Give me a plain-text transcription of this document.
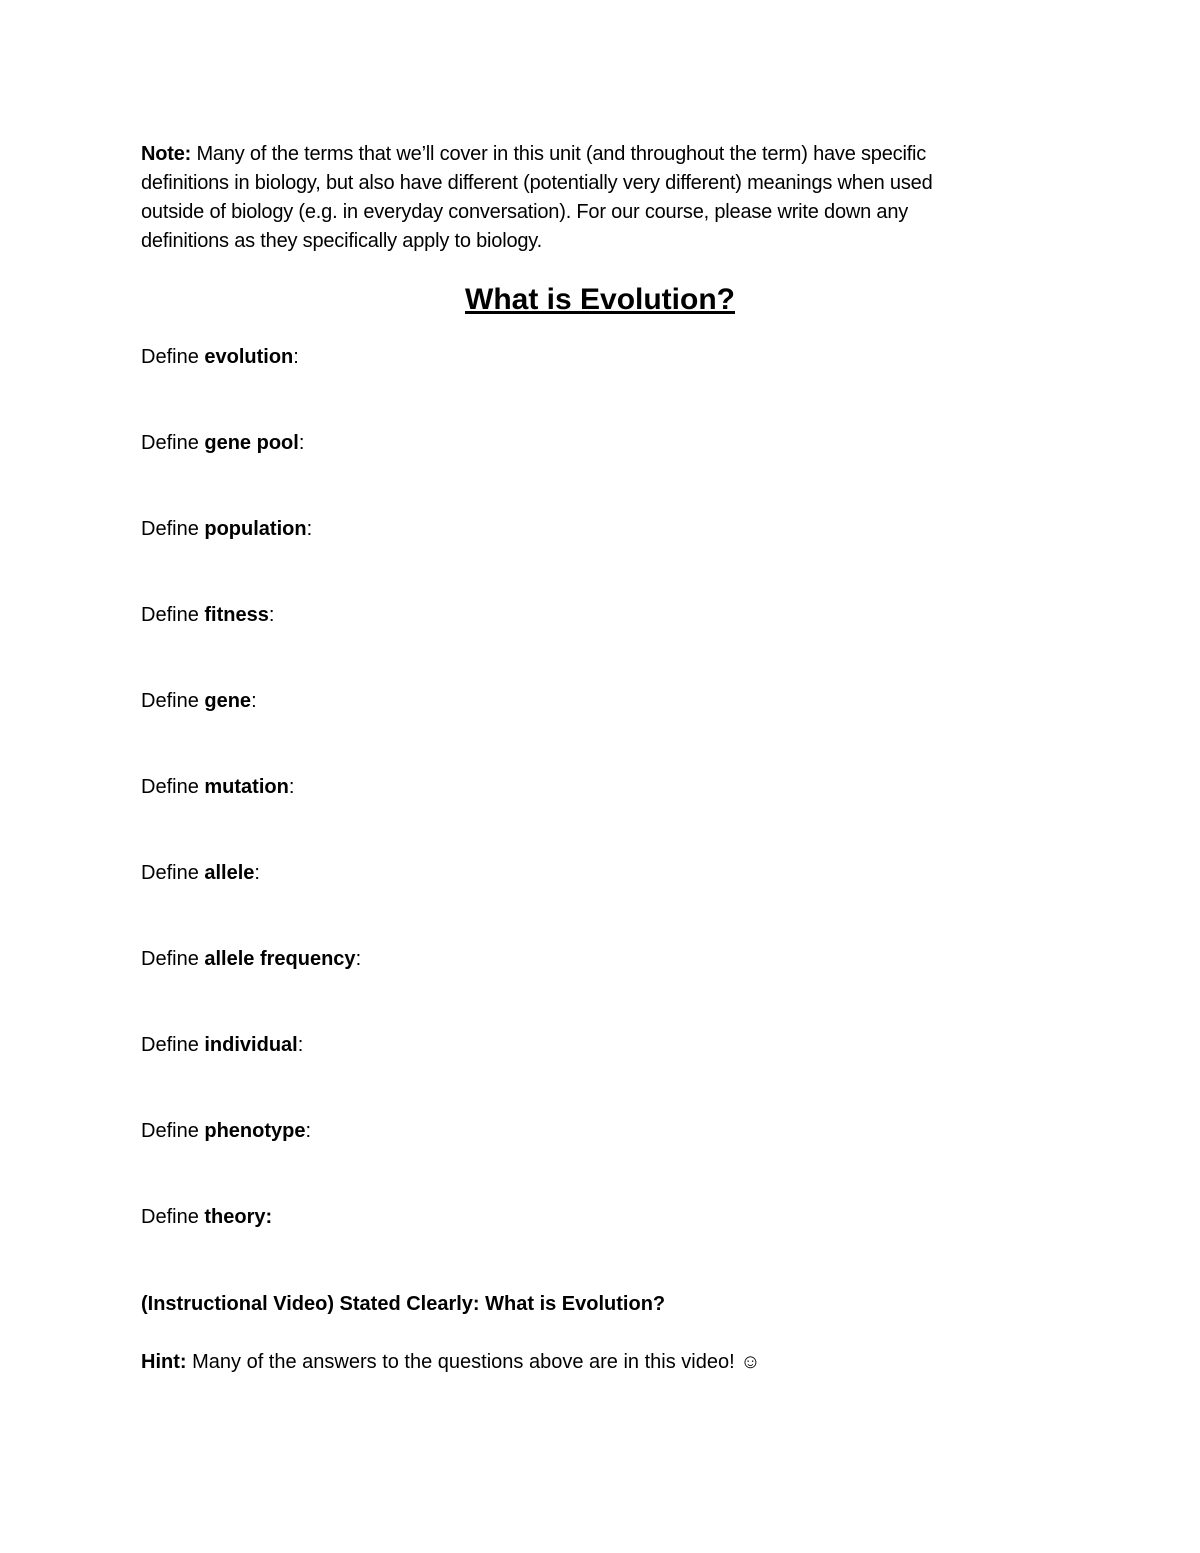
Note: Many of the terms that we’ll cover in this unit (and throughout the term) have specific
definitions in biology, but also have different (potentially very different) meanings when used
outside of biology (e.g. in everyday conversation). For our course, please write down any
definitions as they specifically apply to biology.

What is Evolution?
Define evolution:
Define gene pool:
Define population:
Define fitness:
Define gene:
Define mutation:
Define allele:
Define allele frequency:
Define individual:
Define phenotype:
Define theory:

(Instructional Video) Stated Clearly: What is Evolution?

Hint: Many of the answers to the questions above are in this video! ☺
